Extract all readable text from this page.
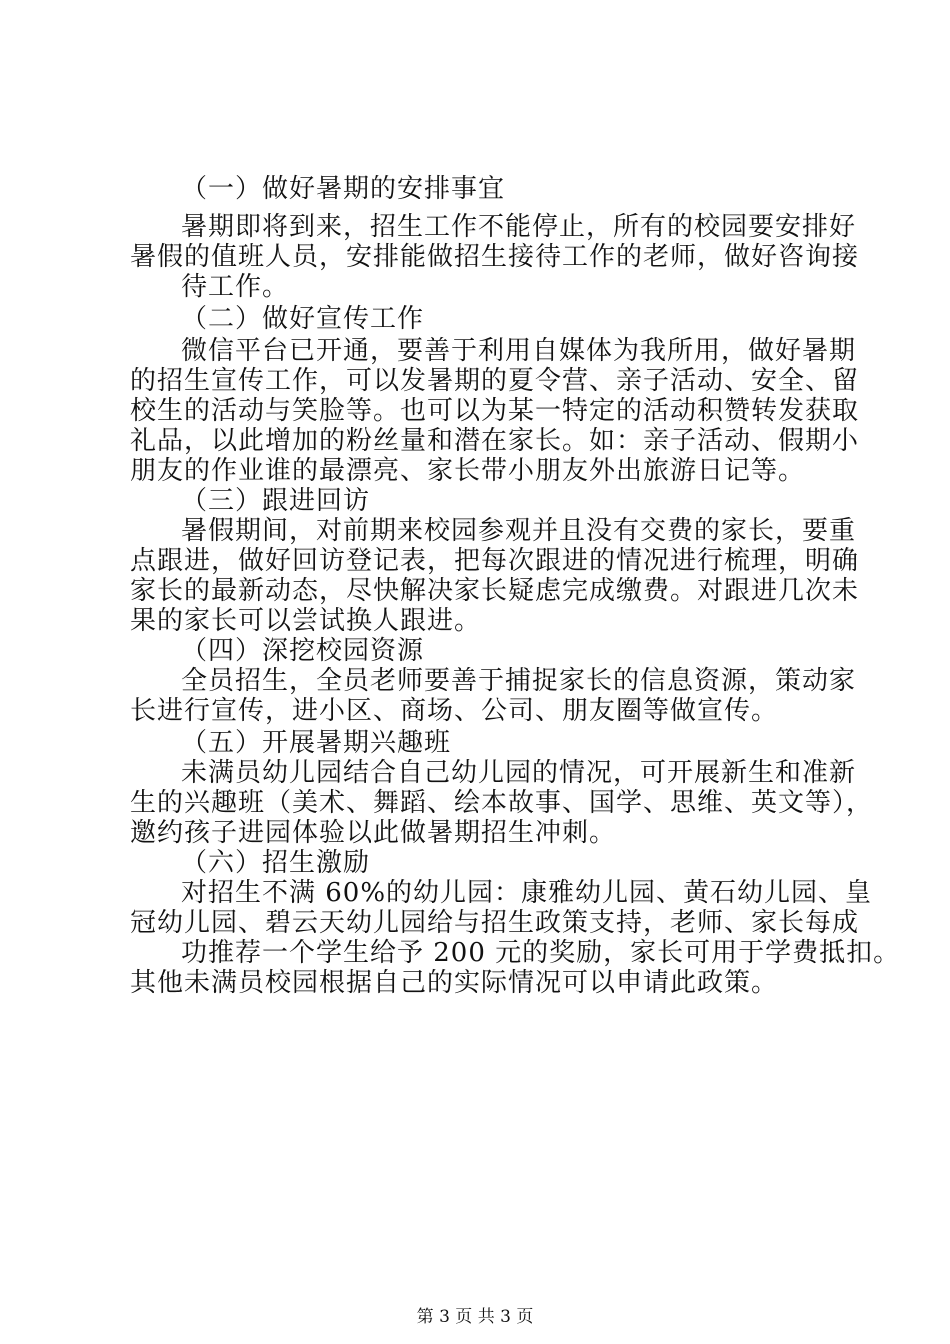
（一）做好暑期的安排事宜
暑期即将到来，招生工作不能停止，所有的校园要安排好
暑假的值班人员，安排能做招生接待工作的老师，做好咨询接
待工作。
（二）做好宣传工作
微信平台已开通，要善于利用自媒体为我所用，做好暑期
的招生宣传工作，可以发暑期的夏令营、亲子活动、安全、留
校生的活动与笑脸等。也可以为某一特定的活动积赞转发获取
礼品，以此增加的粉丝量和潜在家长。如：亲子活动、假期小
朋友的作业谁的最漂亮、家长带小朋友外出旅游日记等。
（三）跟进回访
暑假期间，对前期来校园参观并且没有交费的家长，要重
点跟进，做好回访登记表，把每次跟进的情况进行梳理，明确
家长的最新动态，尽快解决家长疑虑完成缴费。对跟进几次未
果的家长可以尝试换人跟进。
（四）深挖校园资源
全员招生，全员老师要善于捕捉家长的信息资源，策动家
长进行宣传，进小区、商场、公司、朋友圈等做宣传。
（五）开展暑期兴趣班
未满员幼儿园结合自己幼儿园的情况，可开展新生和准新
生的兴趣班（美术、舞蹈、绘本故事、国学、思维、英文等），
邀约孩子进园体验以此做暑期招生冲刺。
（六）招生激励
对招生不满 60%的幼儿园：康雅幼儿园、黄石幼儿园、皇
冠幼儿园、碧云天幼儿园给与招生政策支持，老师、家长每成
功推荐一个学生给予 200 元的奖励，家长可用于学费抵扣。
其他未满员校园根据自己的实际情况可以申请此政策。
第 3 页 共 3 页
